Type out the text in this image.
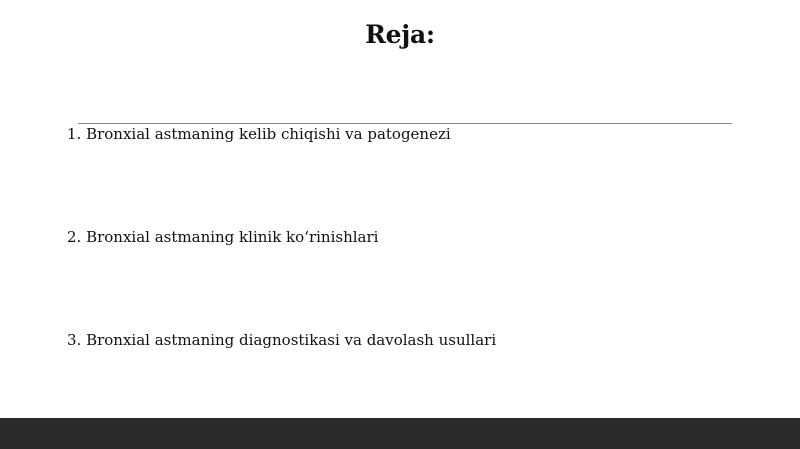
Reja:
1. Bronxial astmaning kelib chiqishi va patogenezi
2. Bronxial astmaning klinik ko‘rinishlari
3. Bronxial astmaning diagnostikasi va davolash usullari
